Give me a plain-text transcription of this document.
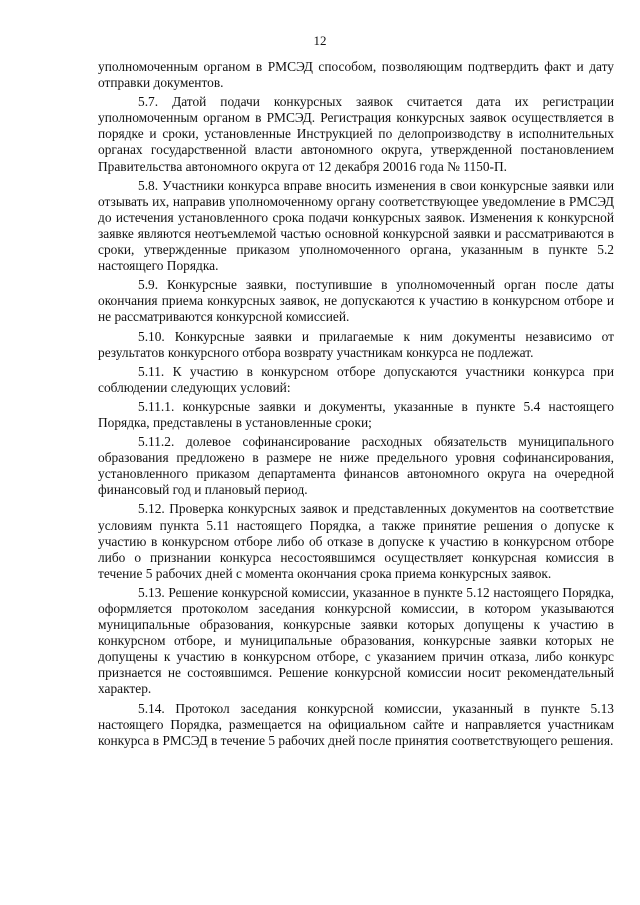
12

уполномоченным органом в РМСЭД способом, позволяющим подтвердить факт и дату отправки документов.

5.7. Датой подачи конкурсных заявок считается дата их регистрации уполномоченным органом в РМСЭД. Регистрация конкурсных заявок осуществляется в порядке и сроки, установленные Инструкцией по делопроизводству в исполнительных органах государственной власти автономного округа, утвержденной постановлением Правительства автономного округа от 12 декабря 20016 года № 1150-П.

5.8. Участники конкурса вправе вносить изменения в свои конкурсные заявки или отзывать их, направив уполномоченному органу соответствующее уведомление в РМСЭД до истечения установленного срока подачи конкурсных заявок. Изменения к конкурсной заявке являются неотъемлемой частью основной конкурсной заявки и рассматриваются в сроки, утвержденные приказом уполномоченного органа, указанным в пункте 5.2 настоящего Порядка.

5.9. Конкурсные заявки, поступившие в уполномоченный орган после даты окончания приема конкурсных заявок, не допускаются к участию в конкурсном отборе и не рассматриваются конкурсной комиссией.

5.10. Конкурсные заявки и прилагаемые к ним документы независимо от результатов конкурсного отбора возврату участникам конкурса не подлежат.

5.11. К участию в конкурсном отборе допускаются участники конкурса при соблюдении следующих условий:

5.11.1. конкурсные заявки и документы, указанные в пункте 5.4 настоящего Порядка, представлены в установленные сроки;

5.11.2. долевое софинансирование расходных обязательств муниципального образования предложено в размере не ниже предельного уровня софинансирования, установленного приказом департамента финансов автономного округа на очередной финансовый год и плановый период.

5.12. Проверка конкурсных заявок и представленных документов на соответствие условиям пункта 5.11 настоящего Порядка, а также принятие решения о допуске к участию в конкурсном отборе либо об отказе в допуске к участию в конкурсном отборе либо о признании конкурса несостоявшимся осуществляет конкурсная комиссия в течение 5 рабочих дней с момента окончания срока приема конкурсных заявок.

5.13. Решение конкурсной комиссии, указанное в пункте 5.12 настоящего Порядка, оформляется протоколом заседания конкурсной комиссии, в котором указываются муниципальные образования, конкурсные заявки которых допущены к участию в конкурсном отборе, и муниципальные образования, конкурсные заявки которых не допущены к участию в конкурсном отборе, с указанием причин отказа, либо конкурс признается не состоявшимся. Решение конкурсной комиссии носит рекомендательный характер.

5.14. Протокол заседания конкурсной комиссии, указанный в пункте 5.13 настоящего Порядка, размещается на официальном сайте и направляется участникам конкурса в РМСЭД в течение 5 рабочих дней после принятия соответствующего решения.
